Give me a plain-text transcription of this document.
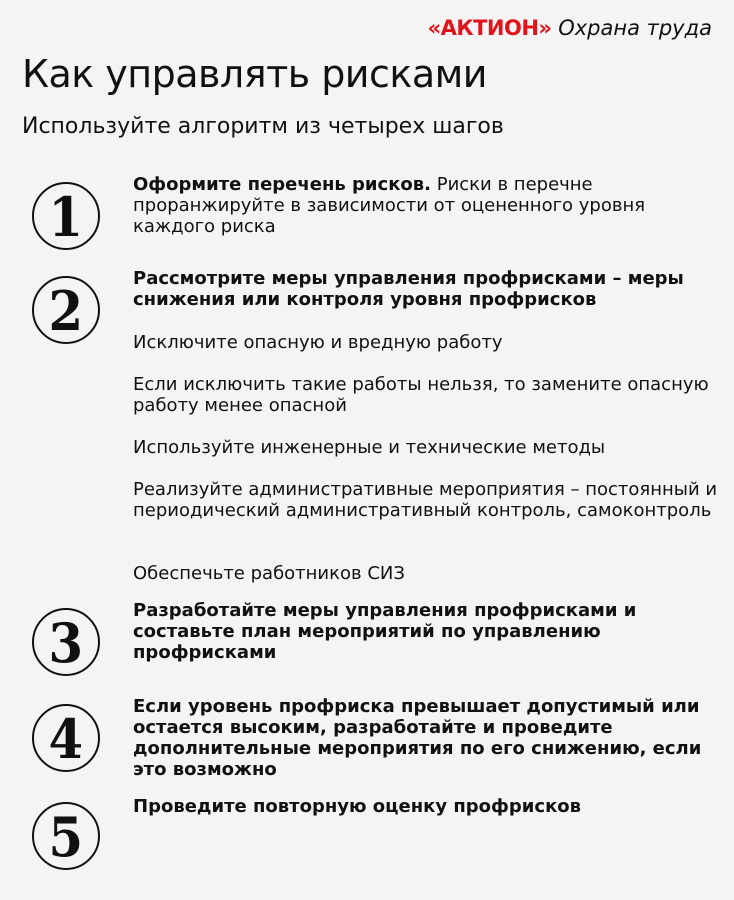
«АКТИОН» Охрана труда
Как управлять рисками
Используйте алгоритм из четырех шагов
1
Оформите перечень рисков. Риски в перечне проранжируйте в зависимости от оцененного уровня каждого риска
2
Рассмотрите меры управления профрисками – меры снижения или контроля уровня профрисков
Исключите опасную и вредную работу
Если исключить такие работы нельзя, то замените опасную работу менее опасной
Используйте инженерные и технические методы
Реализуйте административные мероприятия – постоянный и периодический административный контроль, самоконтроль
Обеспечьте работников СИЗ
3
Разработайте меры управления профрисками и составьте план мероприятий по управлению профрисками
4
Если уровень профриска превышает допустимый или остается высоким, разработайте и проведите дополнительные мероприятия по его снижению, если это возможно
5	Проведите повторную оценку профрисков
